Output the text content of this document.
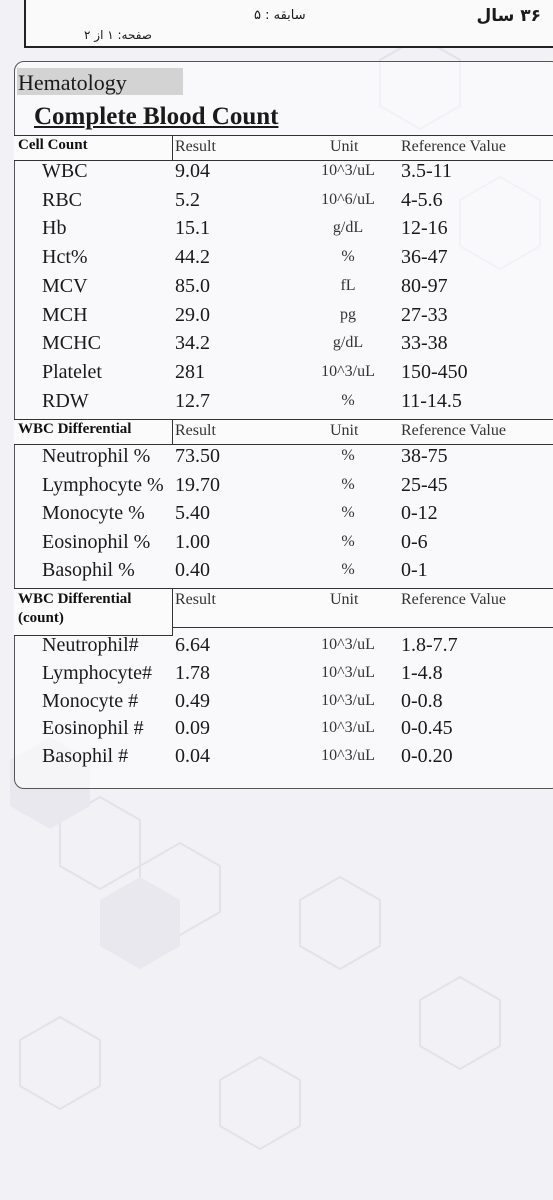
۳۶ سال
سابقه : ۵
صفحه: ۱ از ۲
Hematology
Complete Blood Count
Cell Count	Result	Unit	Reference Value
WBC	9.04	10^3/uL	3.5-11
RBC	5.2	10^6/uL	4-5.6
Hb	15.1	g/dL	12-16
Hct%	44.2	%	36-47
MCV	85.0	fL	80-97
MCH	29.0	pg	27-33
MCHC	34.2	g/dL	33-38
Platelet	281	10^3/uL	150-450
RDW	12.7	%	11-14.5
WBC Differential	Result	Unit	Reference Value
Neutrophil % 73.50	%	38-75
Lymphocyte % 19.70	%	25-45
Monocyte % 5.40	%	0-12
Eosinophil % 1.00	%	0-6
Basophil % 0.40	%	0-1
WBC Differential (count)
Result	Unit	Reference Value
Neutrophil# 6.64	10^3/uL	1.8-7.7
Lymphocyte# 1.78	10^3/uL	1-4.8
Monocyte # 0.49	10^3/uL	0-0.8
Eosinophil # 0.09	10^3/uL	0-0.45
Basophil # 0.04	10^3/uL	0-0.20
